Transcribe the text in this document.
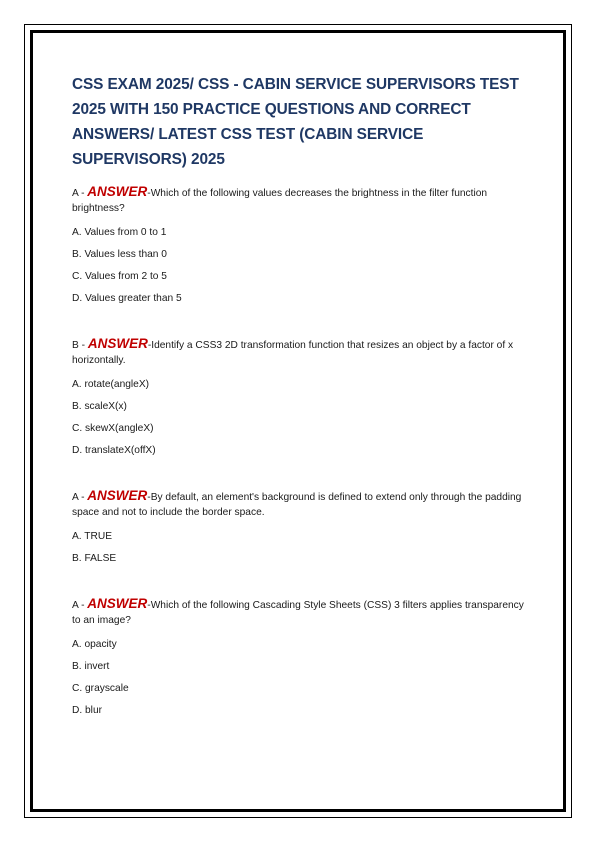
CSS EXAM 2025/ CSS - CABIN SERVICE SUPERVISORS TEST 2025 WITH 150 PRACTICE QUESTIONS AND CORRECT ANSWERS/ LATEST CSS TEST (CABIN SERVICE SUPERVISORS) 2025

A - ANSWER-Which of the following values decreases the brightness in the filter function brightness?

A. Values from 0 to 1

B. Values less than 0

C. Values from 2 to 5

D. Values greater than 5

B - ANSWER-Identify a CSS3 2D transformation function that resizes an object by a factor of x horizontally.

A. rotate(angleX)

B. scaleX(x)

C. skewX(angleX)

D. translateX(offX)

A - ANSWER-By default, an element's background is defined to extend only through the padding space and not to include the border space.

A. TRUE

B. FALSE

A - ANSWER-Which of the following Cascading Style Sheets (CSS) 3 filters applies transparency to an image?

A. opacity

B. invert

C. grayscale

D. blur
